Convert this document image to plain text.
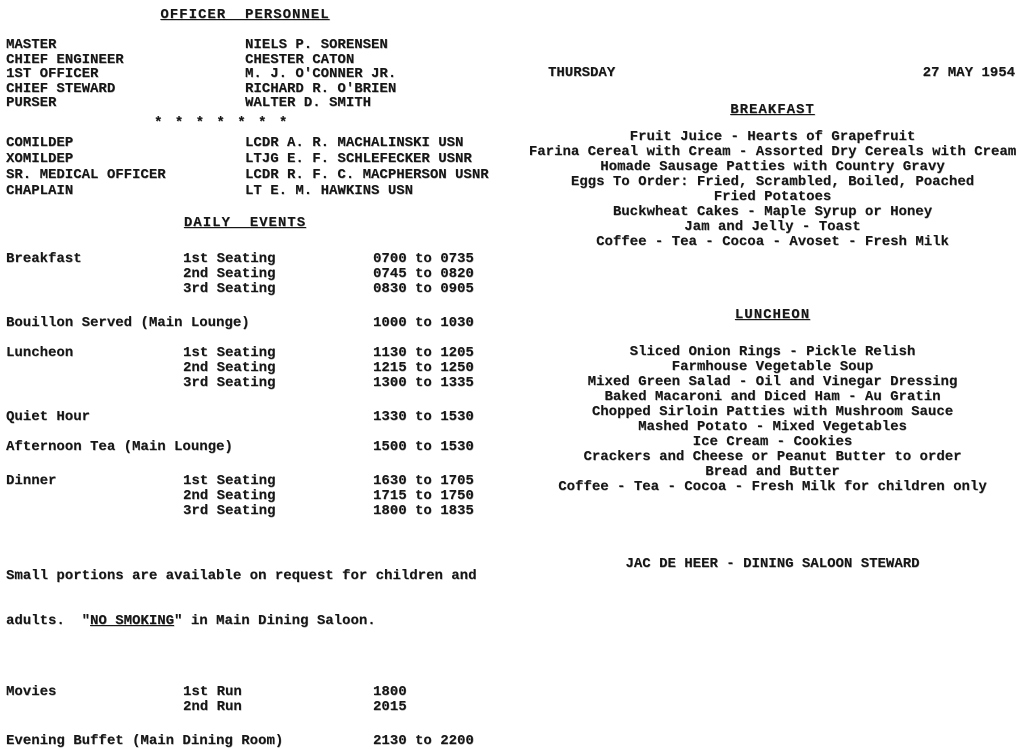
OFFICER  PERSONNEL
MASTER	NIELS P. SORENSEN
CHIEF ENGINEER	CHESTER CATON
1ST OFFICER	M. J. O'CONNER JR.
CHIEF STEWARD	RICHARD R. O'BRIEN
PURSER	WALTER D. SMITH
* * * * * * *
COMILDEP	LCDR A. R. MACHALINSKI USN
XOMILDEP	LTJG E. F. SCHLEFECKER USNR
SR. MEDICAL OFFICER	LCDR R. F. C. MACPHERSON USNR
CHAPLAIN	LT E. M. HAWKINS USN
DAILY  EVENTS
Breakfast	1st Seating	0700 to 0735
2nd Seating	0745 to 0820
3rd Seating	0830 to 0905
Bouillon Served (Main Lounge)	1000 to 1030
Luncheon	1st Seating	1130 to 1205
2nd Seating	1215 to 1250
3rd Seating	1300 to 1335
Quiet Hour	1330 to 1530
Afternoon Tea (Main Lounge)	1500 to 1530
Dinner	1st Seating	1630 to 1705
2nd Seating	1715 to 1750
3rd Seating	1800 to 1835

Small portions are available on request for children and

adults.  "NO SMOKING" in Main Dining Saloon.

Movies	1st Run	1800
2nd Run	2015
Evening Buffet (Main Dining Room)	2130 to 2200
THURSDAY	27 MAY 1954
BREAKFAST
Fruit Juice - Hearts of Grapefruit
Farina Cereal with Cream - Assorted Dry Cereals with Cream
Homade Sausage Patties with Country Gravy
Eggs To Order: Fried, Scrambled, Boiled, Poached
Fried Potatoes
Buckwheat Cakes - Maple Syrup or Honey
Jam and Jelly - Toast
Coffee - Tea - Cocoa - Avoset - Fresh Milk
LUNCHEON
Sliced Onion Rings - Pickle Relish
Farmhouse Vegetable Soup
Mixed Green Salad - Oil and Vinegar Dressing
Baked Macaroni and Diced Ham - Au Gratin
Chopped Sirloin Patties with Mushroom Sauce
Mashed Potato - Mixed Vegetables
Ice Cream - Cookies
Crackers and Cheese or Peanut Butter to order
Bread and Butter
Coffee - Tea - Cocoa - Fresh Milk for children only
JAC DE HEER - DINING SALOON STEWARD
